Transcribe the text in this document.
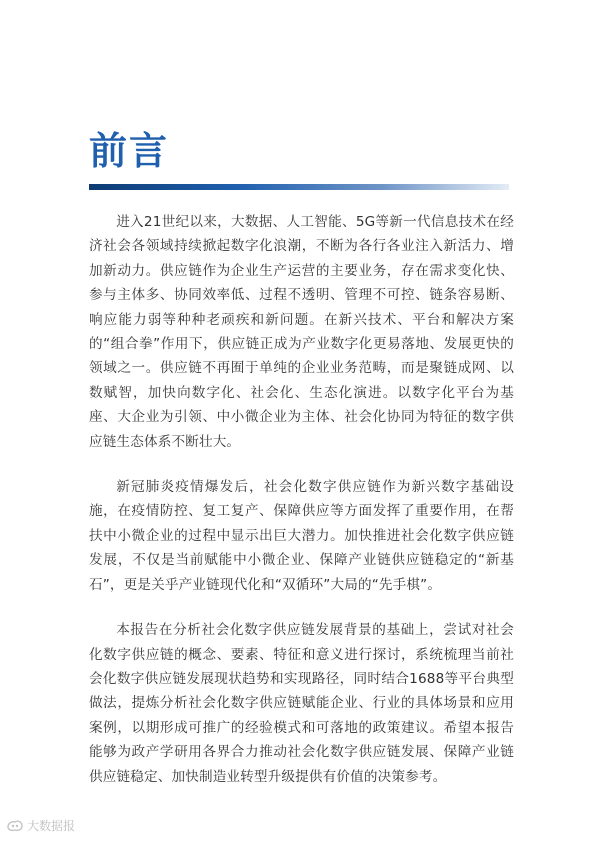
前言

进入21世纪以来，大数据、人工智能、5G等新一代信息技术在经济社会各领域持续掀起数字化浪潮，不断为各行各业注入新活力、增加新动力。供应链作为企业生产运营的主要业务，存在需求变化快、参与主体多、协同效率低、过程不透明、管理不可控、链条容易断、响应能力弱等种种老顽疾和新问题。在新兴技术、平台和解决方案的“组合拳”作用下，供应链正成为产业数字化更易落地、发展更快的领域之一。供应链不再囿于单纯的企业业务范畴，而是聚链成网、以数赋智，加快向数字化、社会化、生态化演进。以数字化平台为基座、大企业为引领、中小微企业为主体、社会化协同为特征的数字供应链生态体系不断壮大。

新冠肺炎疫情爆发后，社会化数字供应链作为新兴数字基础设施，在疫情防控、复工复产、保障供应等方面发挥了重要作用，在帮扶中小微企业的过程中显示出巨大潜力。加快推进社会化数字供应链发展，不仅是当前赋能中小微企业、保障产业链供应链稳定的“新基石”，更是关乎产业链现代化和“双循环”大局的“先手棋”。

本报告在分析社会化数字供应链发展背景的基础上，尝试对社会化数字供应链的概念、要素、特征和意义进行探讨，系统梳理当前社会化数字供应链发展现状趋势和实现路径，同时结合1688等平台典型做法，提炼分析社会化数字供应链赋能企业、行业的具体场景和应用案例，以期形成可推广的经验模式和可落地的政策建议。希望本报告能够为政产学研用各界合力推动社会化数字供应链发展、保障产业链供应链稳定、加快制造业转型升级提供有价值的决策参考。

大数据报
